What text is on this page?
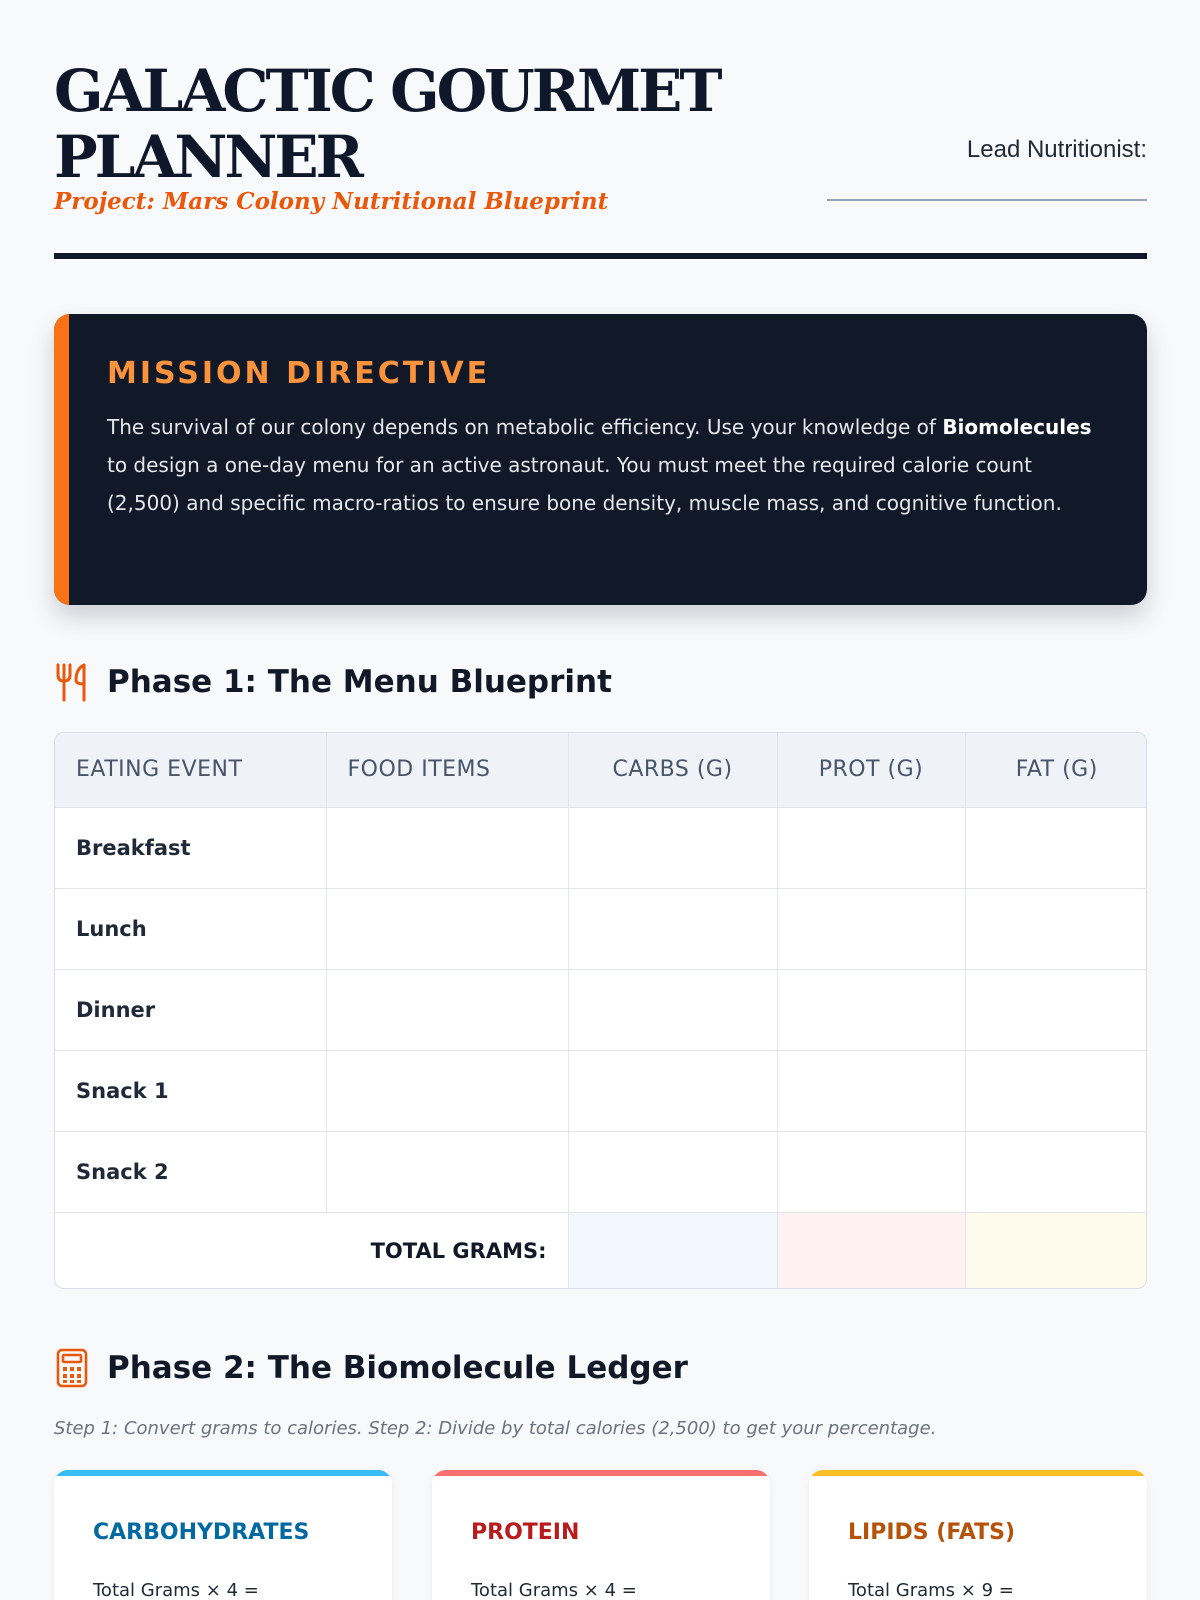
GALACTIC GOURMET
PLANNER
Project: Mars Colony Nutritional Blueprint
Lead Nutritionist:
MISSION DIRECTIVE
The survival of our colony depends on metabolic efficiency. Use your knowledge of Biomolecules to design a one-day menu for an active astronaut. You must meet the required calorie count (2,500) and specific macro-ratios to ensure bone density, muscle mass, and cognitive function.
Phase 1: The Menu Blueprint
EATING EVENT	FOOD ITEMS	CARBS (G)	PROT (G)	FAT (G)
Breakfast				
Lunch				
Dinner				
Snack 1				
Snack 2				
TOTAL GRAMS:				
Phase 2: The Biomolecule Ledger
Step 1: Convert grams to calories. Step 2: Divide by total calories (2,500) to get your percentage.
CARBOHYDRATES
Total Grams × 4 =
PROTEIN
Total Grams × 4 =
LIPIDS (FATS)
Total Grams × 9 =
